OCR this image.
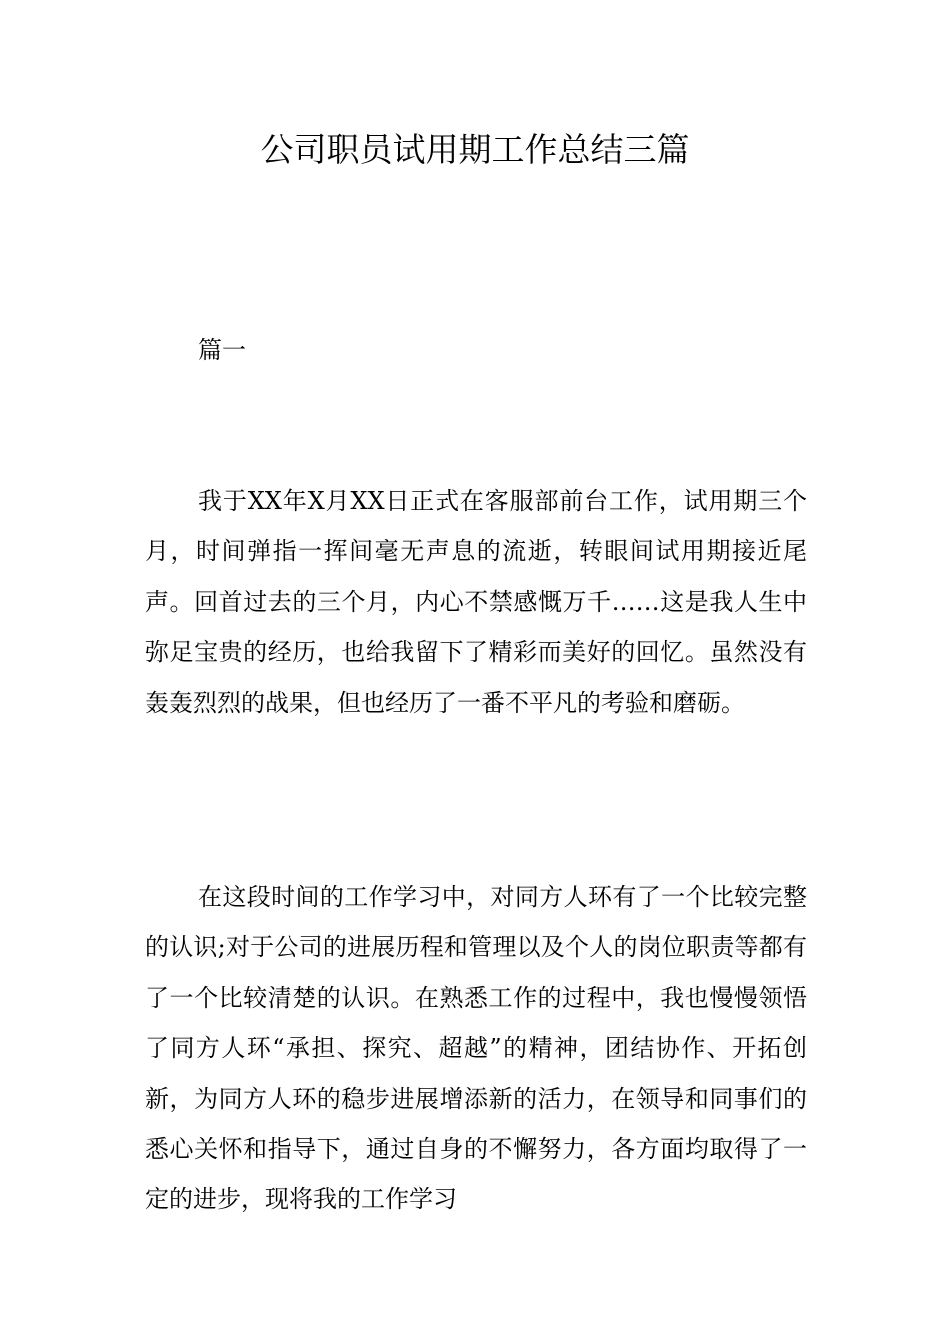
公司职员试用期工作总结三篇
篇一

我于XX年X月XX日正式在客服部前台工作，试用期三个月，时间弹指一挥间毫无声息的流逝，转眼间试用期接近尾声。回首过去的三个月，内心不禁感慨万千……这是我人生中弥足宝贵的经历，也给我留下了精彩而美好的回忆。虽然没有轰轰烈烈的战果，但也经历了一番不平凡的考验和磨砺。

在这段时间的工作学习中，对同方人环有了一个比较完整的认识;对于公司的进展历程和管理以及个人的岗位职责等都有了一个比较清楚的认识。在熟悉工作的过程中，我也慢慢领悟了同方人环“承担、探究、超越”的精神，团结协作、开拓创新，为同方人环的稳步进展增添新的活力，在领导和同事们的悉心关怀和指导下，通过自身的不懈努力，各方面均取得了一定的进步，现将我的工作学习
